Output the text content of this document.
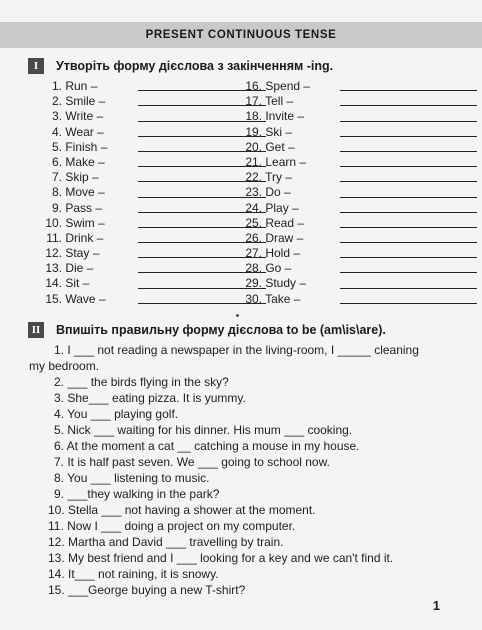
PRESENT CONTINUOUS TENSE
I	Утворіть форму дієслова з закінченням -ing.
1. Run –
2. Smile –
3. Write –
4. Wear –
5. Finish –
6. Make –
7. Skip –
8. Move –
9. Pass –
10. Swim –
11. Drink –
12. Stay –
13. Die –
14. Sit –
15. Wave –
16. Spend –
17. Tell –
18. Invite –
19. Ski –
20. Get –
21. Learn –
22. Try –
23. Do –
24. Play –
25. Read –
26. Draw –
27. Hold –
28. Go –
29. Study –
30. Take –
II Впишіть правильну форму дієслова to be (am\is\are).
1. I ___ not reading a newspaper in the living-room, I _____ cleaning
my bedroom.
2. ___ the birds flying in the sky?
3. She___ eating pizza. It is yummy.
4. You ___ playing golf.
5. Nick ___ waiting for his dinner. His mum ___ cooking.
6. At the moment a cat __ catching a mouse in my house.
7. It is half past seven. We ___ going to school now.
8. You ___ listening to music.
9. ___they walking in the park?
10. Stella ___ not having a shower at the moment.
11. Now I ___ doing a project on my computer.
12. Martha and David ___ travelling by train.
13. My best friend and I ___ looking for a key and we can't find it.
14. It___ not raining, it is snowy.
15. ___George buying a new T-shirt?
1
